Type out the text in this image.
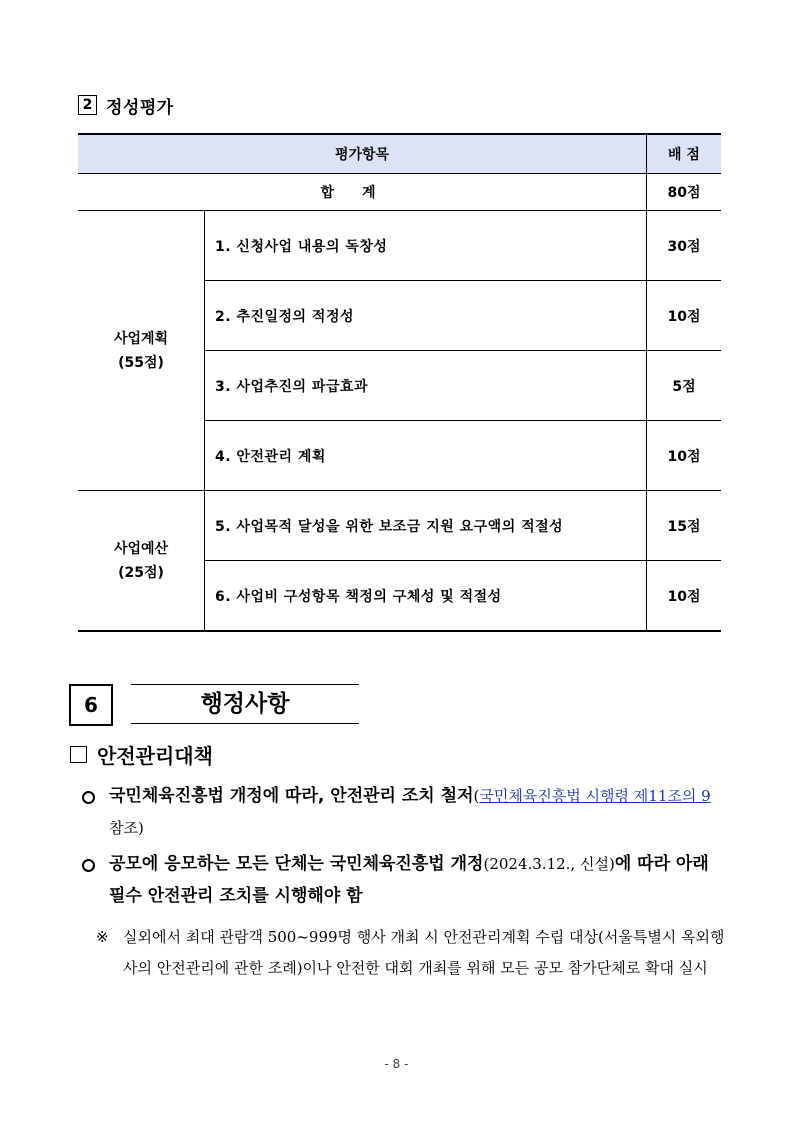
2 정성평가
평가항목		배 점
합계		80점

사업계획
(55점)	1. 신청사업 내용의 독창성	30점
	2. 추진일정의 적정성	10점
	3. 사업추진의 파급효과	5점
	4. 안전관리 계획	10점

사업예산
(25점)	5. 사업목적 달성을 위한 보조금 지원 요구액의 적절성	15점
	6. 사업비 구성항목 책정의 구체성 및 적절성	10점
6	행정사항
안전관리대책
국민체육진흥법 개정에 따라, 안전관리 조치 철저(국민체육진흥법 시행령 제11조의 9 참조)
공모에 응모하는 모든 단체는 국민체육진흥법 개정(2024.3.12., 신설)에 따라 아래 필수 안전관리 조치를 시행해야 함
※ 실외에서 최대 관람객 500~999명 행사 개최 시 안전관리계획 수립 대상(서울특별시 옥외행사의 안전관리에 관한 조례)이나 안전한 대회 개최를 위해 모든 공모 참가단체로 확대 실시
- 8 -
